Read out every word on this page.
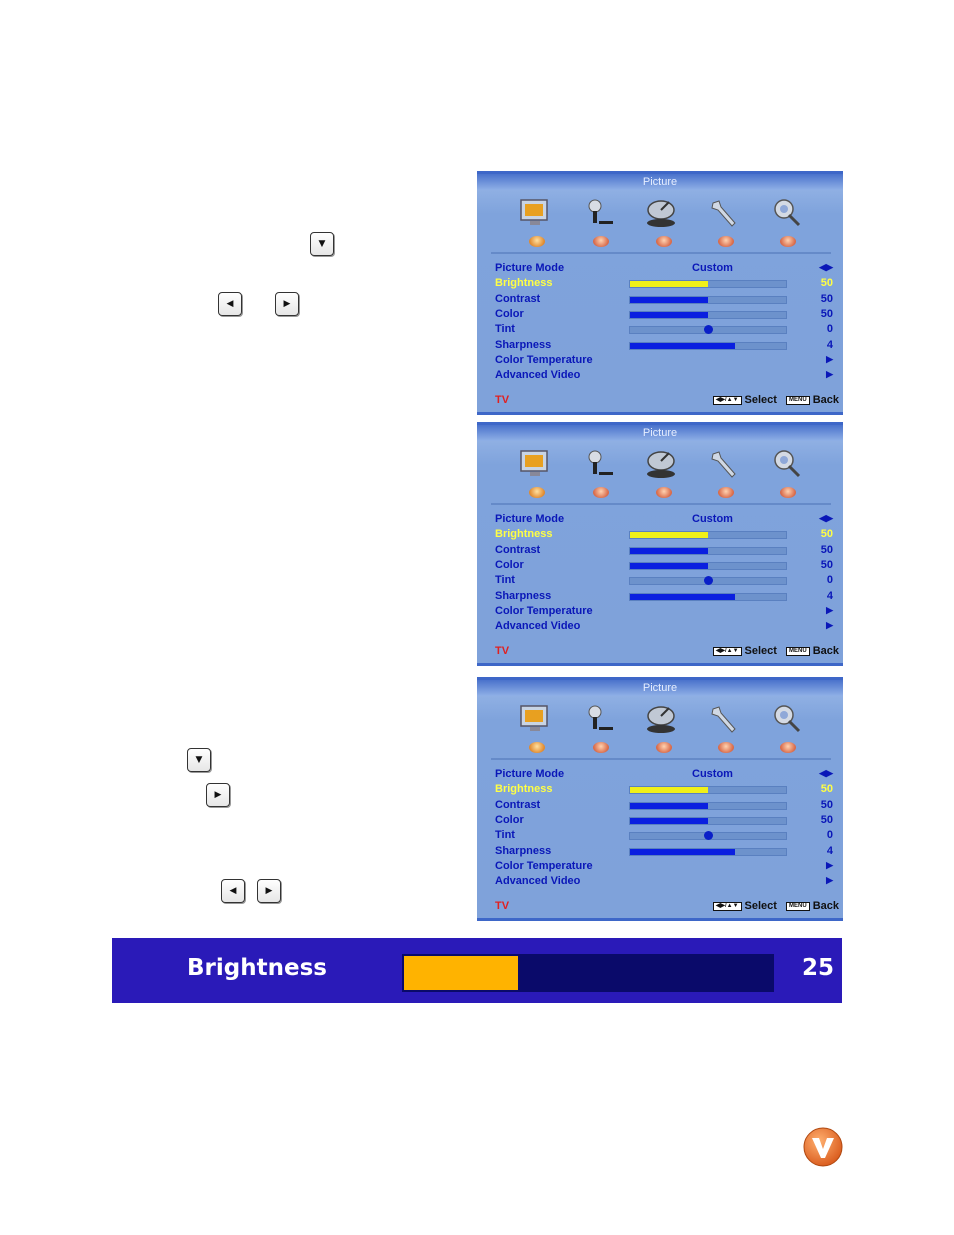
▼
◀	▶
▼
▶
◀	▶
Picture
Picture Mode	Custom	◀▶
Brightness	50
Contrast	50
Color	50
Tint	0
Sharpness	4
Color Temperature	▶
Advanced Video	▶
TV	◀▶/▲▼ Select
	MENU Back
Picture
Picture Mode	Custom	◀▶
Brightness	50
Contrast	50
Color	50
Tint	0
Sharpness	4
Color Temperature	▶
Advanced Video	▶
TV	◀▶/▲▼ Select
	MENU Back
Picture
Picture Mode	Custom	◀▶
Brightness	50
Contrast	50
Color	50
Tint	0
Sharpness	4
Color Temperature	▶
Advanced Video	▶
TV	◀▶/▲▼ Select
	MENU Back
Brightness	25
